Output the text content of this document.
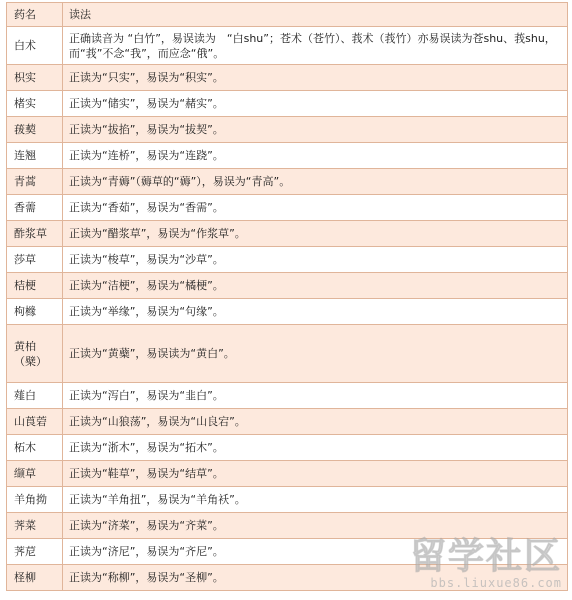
药名	读法
白术	正确读音为 “白竹”，易误读为　“白shu”；苍术（苍竹）、莪术（莪竹）亦易误读为苍shu、莪shu，而“莪”不念“我”，而应念“俄”。
枳实	正读为“只实”，易误为“积实”。
楮实	正读为“储实”，易误为“赭实”。
菝葜	正读为“拔掐”，易误为“拔契”。
连翘	正读为“连桥”，易误为“连跷”。
青蒿	正读为“青薅”（薅草的“薅”），易误为“青高”。
香薷	正读为“香茹”，易误为“香需”。
酢浆草	正读为“醋浆草”，易误为“作浆草”。
莎草	正读为“梭草”，易误为“沙草”。
桔梗	正读为“洁梗”，易误为“橘梗”。
枸橼	正读为“举缘”，易误为“句缘”。
黄柏（檗）	正读为“黄蘗”，易误读为“黄白”。
薤白	正读为“泻白”，易误为“韭白”。
山莨菪	正读为“山狼荡”，易误为“山良宕”。
柘木	正读为“浙木”，易误为“拓木”。
缬草	正读为“鞋草”，易误为“结草”。
羊角拗	正读为“羊角扭”，易误为“羊角袄”。
荠菜	正读为“济菜”，易误为“齐菜”。
荠苨	正读为“济尼”，易误为“齐尼”。
柽柳	正读为“称柳”，易误为“圣柳”。
留学社区
bbs.liuxue86.com
